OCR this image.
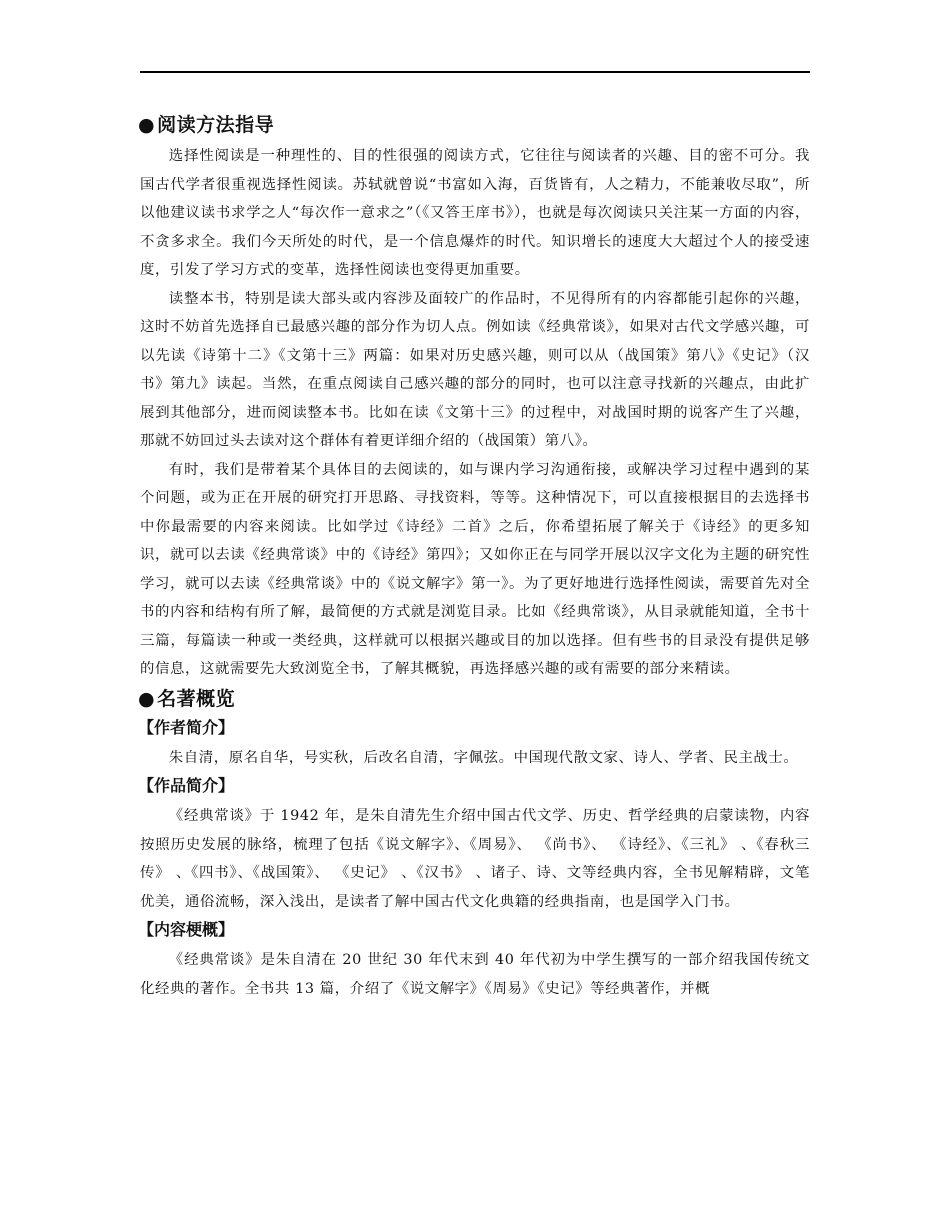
● 阅读方法指导

选择性阅读是一种理性的、目的性很强的阅读方式，它往往与阅读者的兴趣、目的密不可分。我国古代学者很重视选择性阅读。苏轼就曾说“书富如入海，百货皆有，人之精力，不能兼收尽取”，所以他建议读书求学之人“每次作一意求之”（《又答王庠书》），也就是每次阅读只关注某一方面的内容，不贪多求全。我们今天所处的时代，是一个信息爆炸的时代。知识增长的速度大大超过个人的接受速度，引发了学习方式的变革，选择性阅读也变得更加重要。

读整本书，特别是读大部头或内容涉及面较广的作品时，不见得所有的内容都能引起你的兴趣，这时不妨首先选择自已最感兴趣的部分作为切人点。例如读《经典常谈》，如果对古代文学感兴趣，可以先读《诗第十二》《文第十三》两篇：如果对历史感兴趣，则可以从（战国策》第八》《史记》（汉书》第九》读起。当然，在重点阅读自己感兴趣的部分的同时，也可以注意寻找新的兴趣点，由此扩展到其他部分，进而阅读整本书。比如在读《文第十三》的过程中，对战国时期的说客产生了兴趣，那就不妨回过头去读对这个群体有着更详细介绍的（战国策）第八》。

有时，我们是带着某个具体目的去阅读的，如与课内学习沟通衔接，或解决学习过程中遇到的某个问题，或为正在开展的研究打开思路、寻找资料，等等。这种情况下，可以直接根据目的去选择书中你最需要的内容来阅读。比如学过《诗经》二首》之后，你希望拓展了解关于《诗经》的更多知识，就可以去读《经典常谈》中的《诗经》第四》；又如你正在与同学开展以汉字文化为主题的研究性学习，就可以去读《经典常谈》中的《说文解字》第一》。为了更好地进行选择性阅读，需要首先对全书的内容和结构有所了解，最简便的方式就是浏览目录。比如《经典常谈》，从目录就能知道，全书十三篇，每篇读一种或一类经典，这样就可以根据兴趣或目的加以选择。但有些书的目录没有提供足够的信息，这就需要先大致浏览全书，了解其概貌，再选择感兴趣的或有需要的部分来精读。

● 名著概览
【作者简介】

朱自清，原名自华，号实秋，后改名自清，字佩弦。中国现代散文家、诗人、学者、民主战士。

【作品简介】

《经典常谈》于 1942 年，是朱自清先生介绍中国古代文学、历史、哲学经典的启蒙读物，内容按照历史发展的脉络，梳理了包括《说文解字》、《周易》、 《尚书》、 《诗经》、《三礼》 、《春秋三传》 、《四书》、《战国策》、 《史记》 、《汉书》 、诸子、诗、文等经典内容，全书见解精辟，文笔优美，通俗流畅，深入浅出，是读者了解中国古代文化典籍的经典指南，也是国学入门书。

【内容梗概】

《经典常谈》是朱自清在 20 世纪 30 年代末到 40 年代初为中学生撰写的一部介绍我国传统文化经典的著作。全书共 13 篇，介绍了《说文解字》《周易》《史记》等经典著作，并概
